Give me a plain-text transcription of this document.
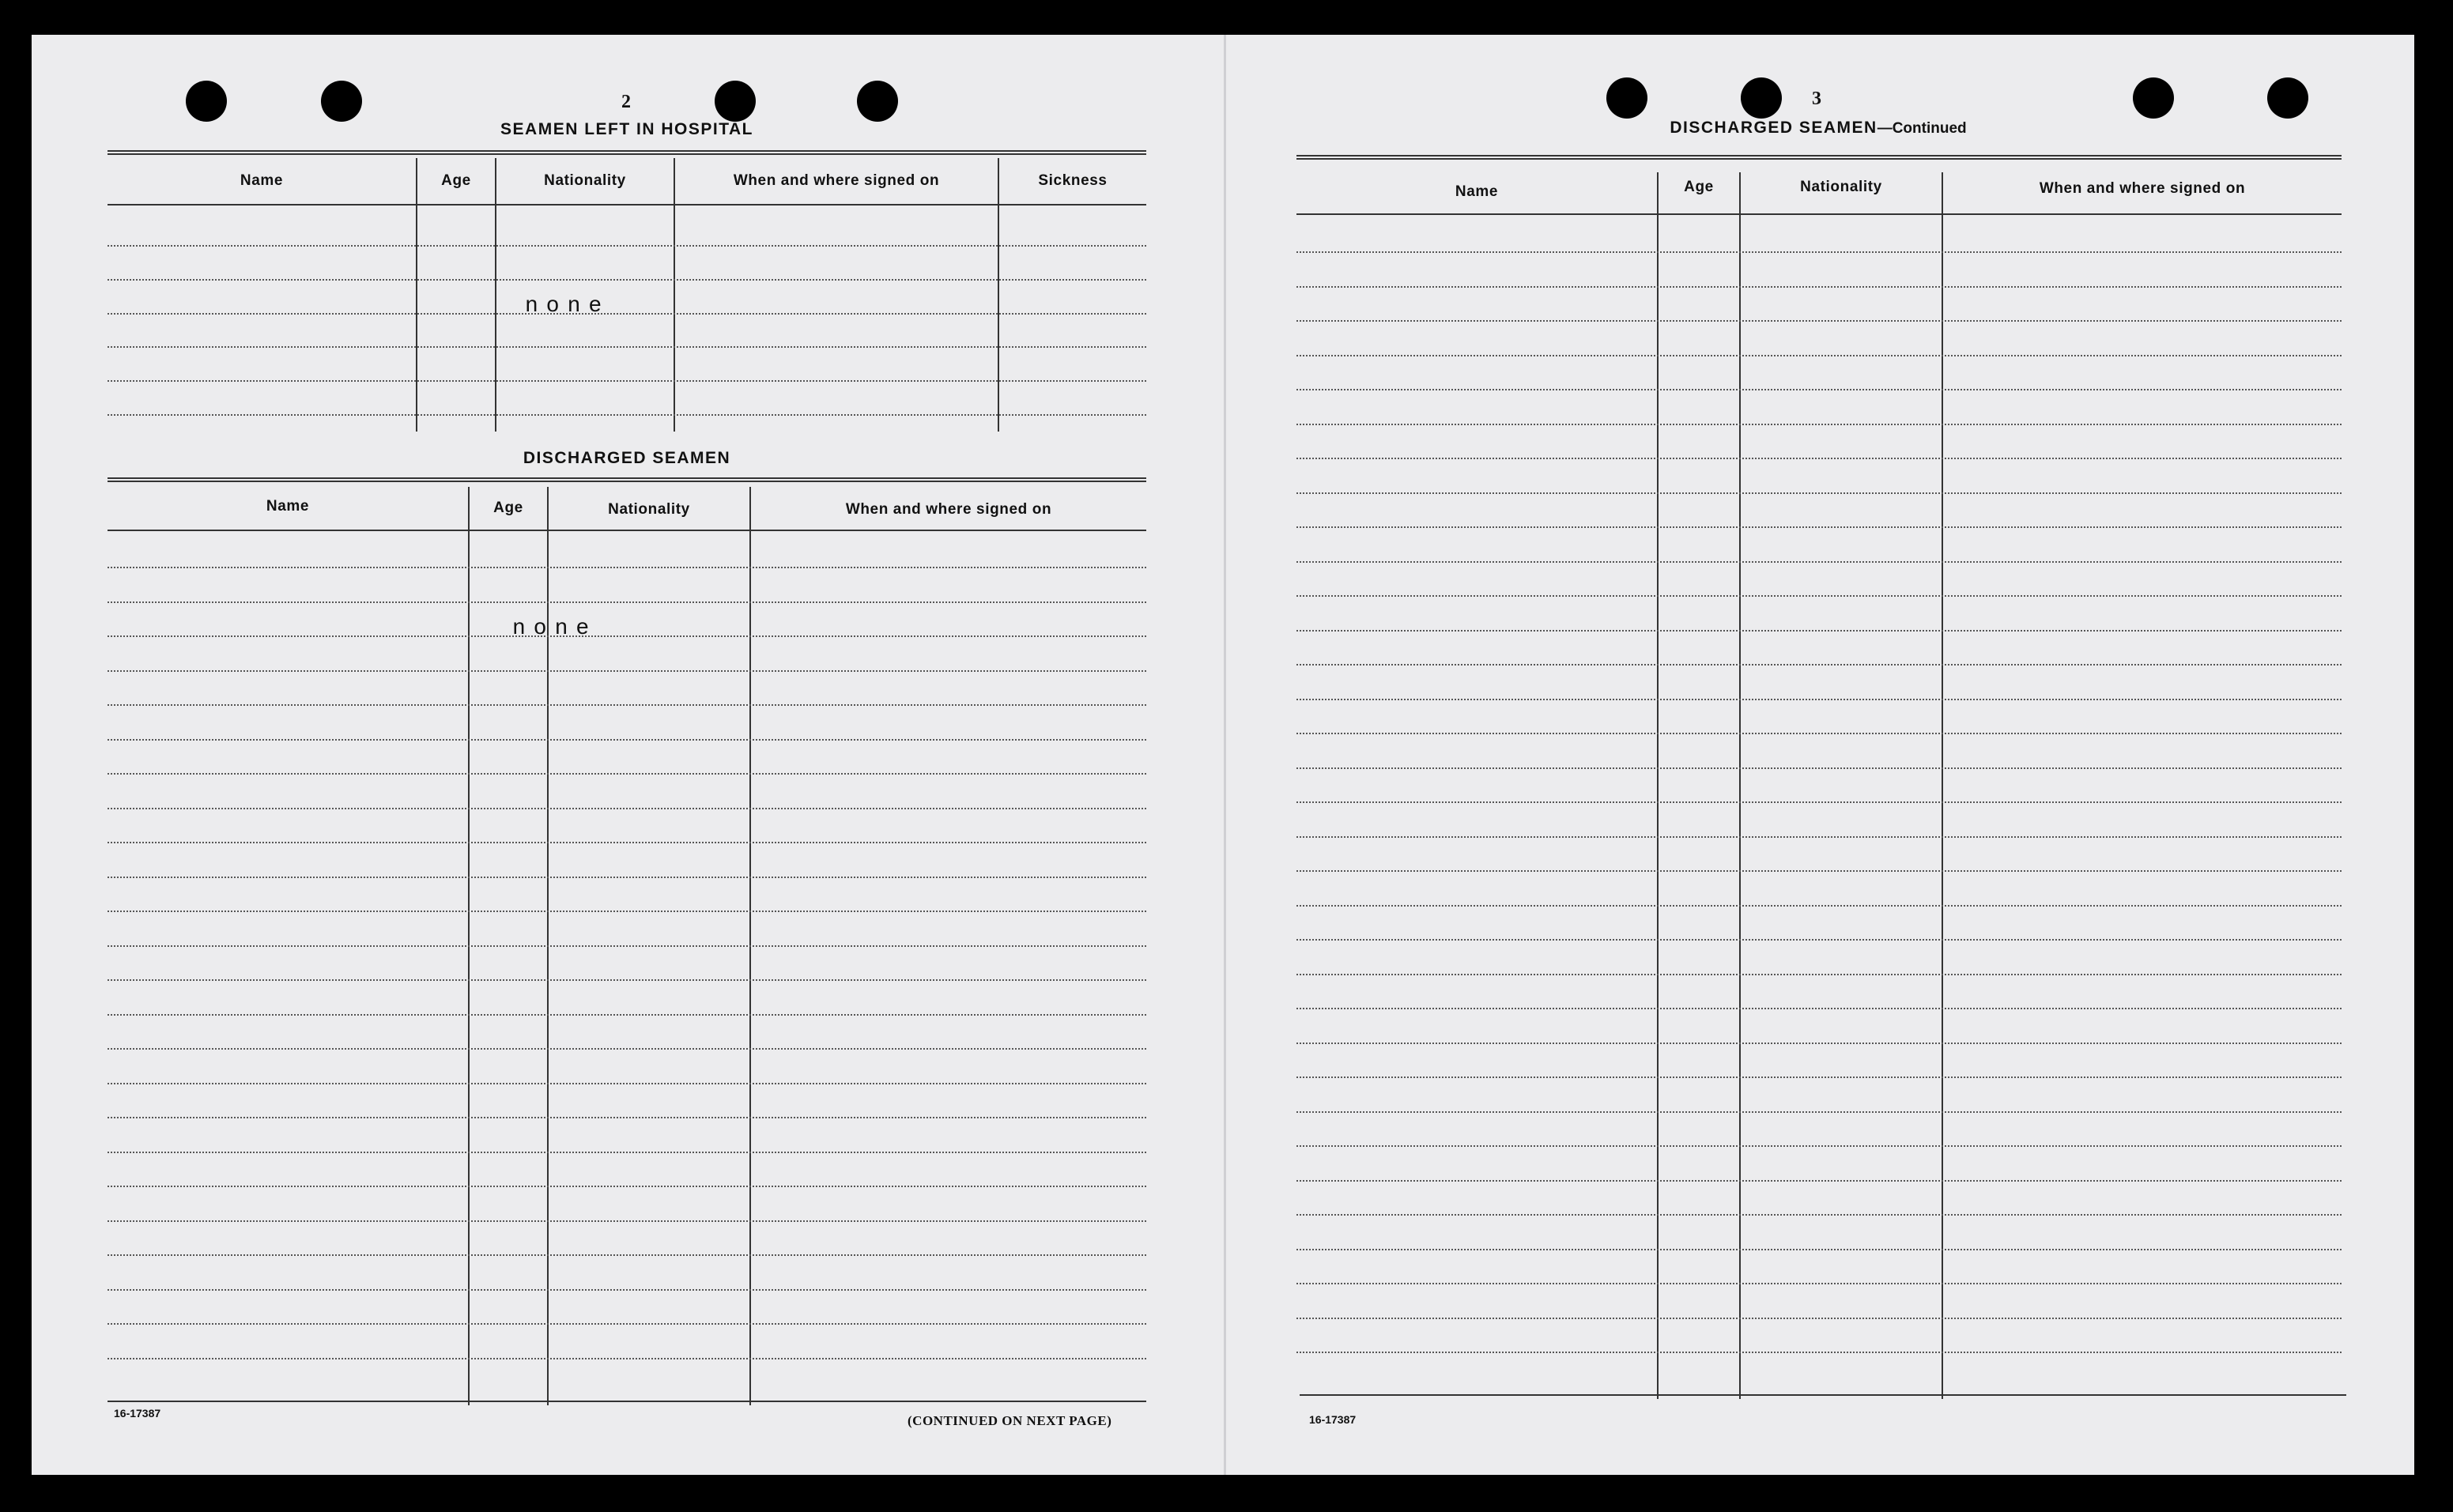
2
SEAMEN LEFT IN HOSPITAL
Name	Age	Nationality	When and where signed on	Sickness
none
DISCHARGED SEAMEN
Name	Age	Nationality	When and where signed on
none
16-17387	(CONTINUED ON NEXT PAGE)
3
DISCHARGED SEAMEN—Continued
Name	Age	Nationality	When and where signed on
16-17387
